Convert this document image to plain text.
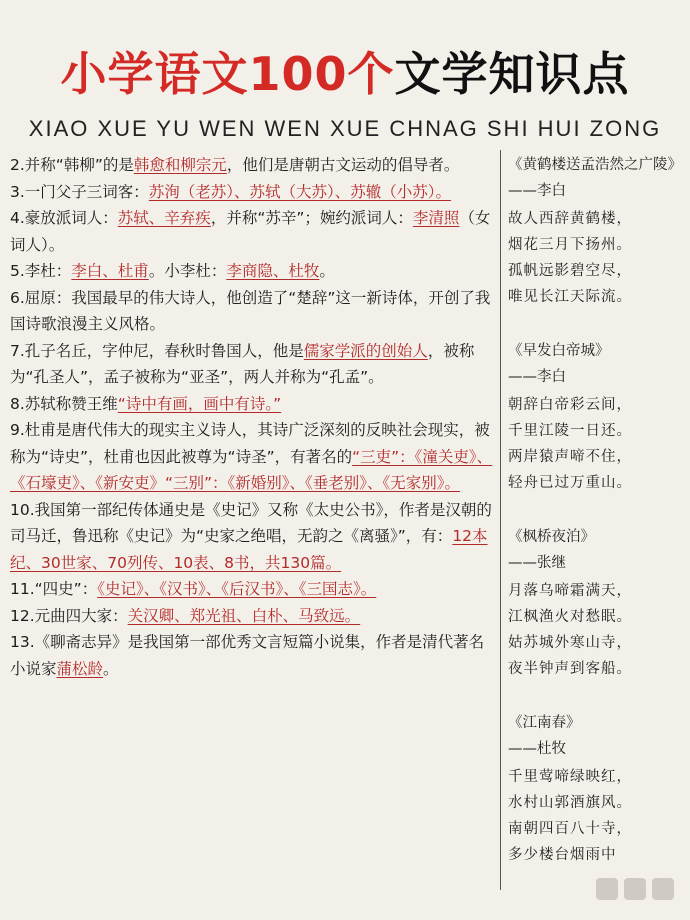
小学语文100个文学知识点
XIAO XUE YU WEN WEN XUE CHNAG SHI HUI ZONG

2.并称“韩柳”的是韩愈和柳宗元，他们是唐朝古文运动的倡导者。

3.一门父子三词客：苏洵（老苏）、苏轼（大苏）、苏辙（小苏）。

4.豪放派词人：苏轼、辛弃疾，并称“苏辛”；婉约派词人：李清照（女词人）。

5.李杜：李白、杜甫。小李杜：李商隐、杜牧。

6.屈原：我国最早的伟大诗人，他创造了“楚辞”这一新诗体，开创了我国诗歌浪漫主义风格。

7.孔子名丘，字仲尼，春秋时鲁国人，他是儒家学派的创始人，被称为“孔圣人”，孟子被称为“亚圣”，两人并称为“孔孟”。

8.苏轼称赞王维“诗中有画，画中有诗。”

9.杜甫是唐代伟大的现实主义诗人，其诗广泛深刻的反映社会现实，被称为“诗史”，杜甫也因此被尊为“诗圣”，有著名的“三吏”：《潼关吏》、《石壕吏》、《新安吏》“三别”：《新婚别》、《垂老别》、《无家别》。

10.我国第一部纪传体通史是《史记》又称《太史公书》，作者是汉朝的司马迁，鲁迅称《史记》为“史家之绝唱，无韵之《离骚》”，有：12本纪、30世家、70列传、10表、8书，共130篇。

11.“四史”：《史记》、《汉书》、《后汉书》、《三国志》。

12.元曲四大家：关汉卿、郑光祖、白朴、马致远。

13.《聊斋志异》是我国第一部优秀文言短篇小说集，作者是清代著名小说家蒲松龄。

《黄鹤楼送孟浩然之广陵》
——李白
故人西辞黄鹤楼，
烟花三月下扬州。
孤帆远影碧空尽，
唯见长江天际流。
《早发白帝城》
——李白
朝辞白帝彩云间，
千里江陵一日还。
两岸猿声啼不住，
轻舟已过万重山。
《枫桥夜泊》
——张继
月落乌啼霜满天，
江枫渔火对愁眠。
姑苏城外寒山寺，
夜半钟声到客船。
《江南春》
——杜牧
千里莺啼绿映红，
水村山郭酒旗风。
南朝四百八十寺，
多少楼台烟雨中
